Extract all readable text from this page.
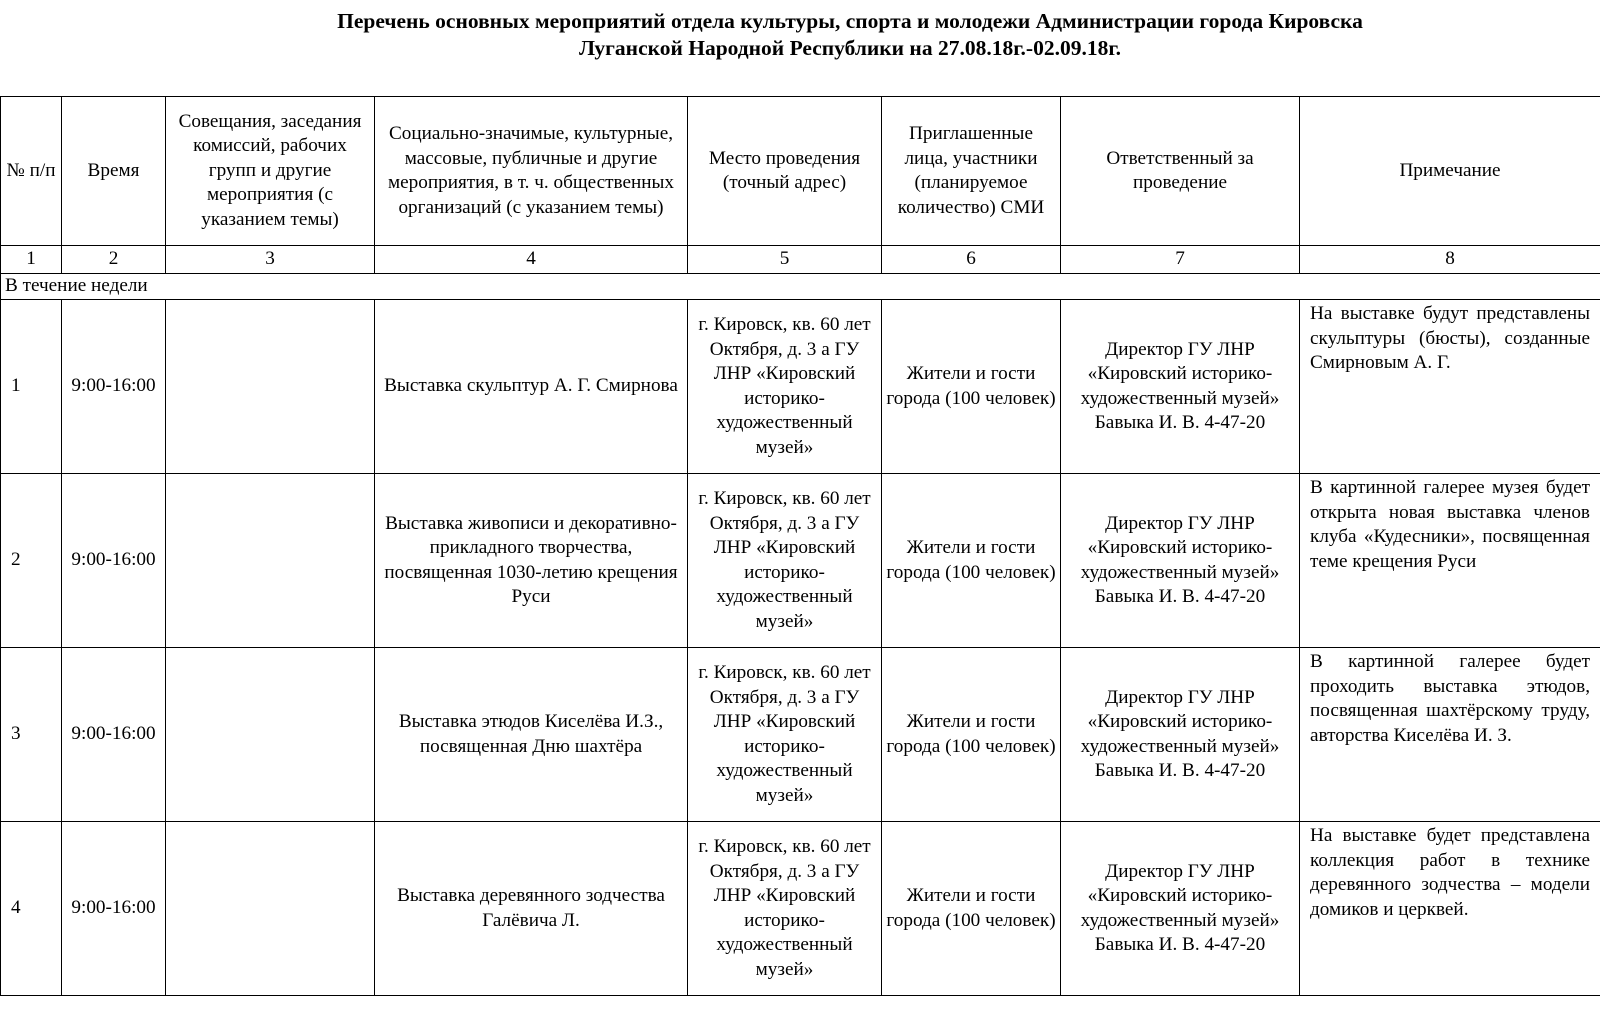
Перечень основных мероприятий отдела культуры, спорта и молодежи Администрации города Кировска
Луганской Народной Республики на 27.08.18г.-02.09.18г.
№ п/п	Время	Совещания, заседания комиссий, рабочих групп и другие мероприятия (с указанием темы)	Социально-значимые, культурные, массовые, публичные и другие мероприятия, в т. ч. общественных организаций (с указанием темы)	Место проведения (точный адрес)	Приглашенные лица, участники (планируемое количество) СМИ	Ответственный за проведение	Примечание
1	2	3	4	5	6	7	8
В течение недели							
1	9:00-16:00		Выставка скульптур А. Г. Смирнова	г. Кировск, кв. 60 лет Октября, д. 3 а ГУ ЛНР «Кировский историко-художественный музей»	Жители и гости города (100 человек)	Директор ГУ ЛНР «Кировский историко-художественный музей» Бавыка И. В. 4-47-20	На выставке будут представлены скульптуры (бюсты), созданные Смирновым А. Г.
2	9:00-16:00		Выставка живописи и декоративно-прикладного творчества, посвященная 1030-летию крещения Руси	г. Кировск, кв. 60 лет Октября, д. 3 а ГУ ЛНР «Кировский историко-художественный музей»	Жители и гости города (100 человек)	Директор ГУ ЛНР «Кировский историко-художественный музей» Бавыка И. В. 4-47-20	В картинной галерее музея будет открыта новая выставка членов клуба «Кудесники», посвященная теме крещения Руси
3	9:00-16:00		Выставка этюдов Киселёва И.З., посвященная Дню шахтёра	г. Кировск, кв. 60 лет Октября, д. 3 а ГУ ЛНР «Кировский историко-художественный музей»	Жители и гости города (100 человек)	Директор ГУ ЛНР «Кировский историко-художественный музей» Бавыка И. В. 4-47-20	В картинной галерее будет проходить выставка этюдов, посвященная шахтёрскому труду, авторства Киселёва И. З.
4	9:00-16:00		Выставка деревянного зодчества Галёвича Л.	г. Кировск, кв. 60 лет Октября, д. 3 а ГУ ЛНР «Кировский историко-художественный музей»	Жители и гости города (100 человек)	Директор ГУ ЛНР «Кировский историко-художественный музей» Бавыка И. В. 4-47-20	На выставке будет представлена коллекция работ в технике деревянного зодчества – модели домиков и церквей.
